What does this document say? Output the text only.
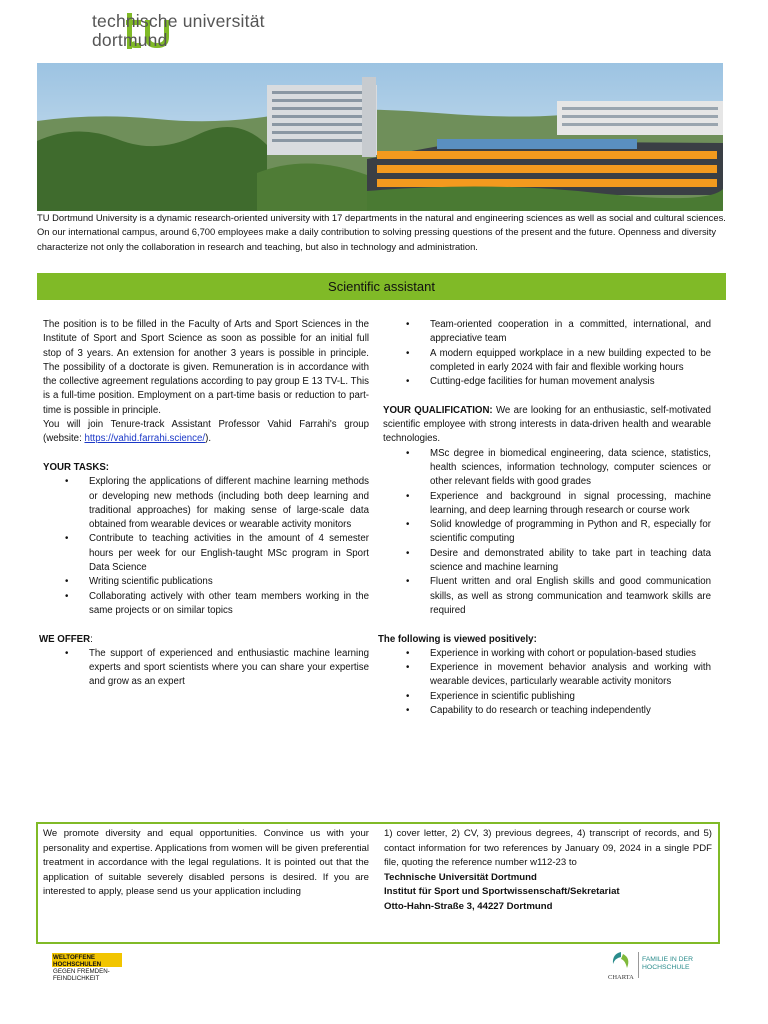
technische universität
dortmund
TU Dortmund University is a dynamic research-oriented university with 17 departments in the natural and engineering sciences as well as social and cultural sciences. On our international campus, around 6,700 employees make a daily contribution to solving pressing questions of the present and the future. Openness and diversity characterize not only the collaboration in research and teaching, but also in technology and administration.
Scientific assistant

The position is to be filled in the Faculty of Arts and Sport Sciences in the Institute of Sport and Sport Science as soon as possible for an initial full stop of 3 years. An extension for another 3 years is possible in principle. The possibility of a doctorate is given. Remuneration is in accordance with the collective agreement regulations according to pay group E 13 TV-L. This is a full-time position. Employment on a part-time basis or reduction to part-time is possible in principle.

You will join Tenure-track Assistant Professor Vahid Farrahi's group (website: https://vahid.farrahi.science/).

YOUR TASKS:

• Exploring the applications of different machine learning methods or developing new methods (including both deep learning and traditional approaches) for making sense of large-scale data obtained from wearable devices or wearable activity monitors
• Contribute to teaching activities in the amount of 4 semester hours per week for our English-taught MSc program in Sport Data Science
• Writing scientific publications
• Collaborating actively with other team members working in the same projects or on similar topics

WE OFFER:

• The support of experienced and enthusiastic machine learning experts and sport scientists where you can share your expertise and grow as an expert
• Team-oriented cooperation in a committed, international, and appreciative team
• A modern equipped workplace in a new building expected to be completed in early 2024 with fair and flexible working hours
• Cutting-edge facilities for human movement analysis

YOUR QUALIFICATION: We are looking for an enthusiastic, self-motivated scientific employee with strong interests in data-driven health and wearable technologies.

• MSc degree in biomedical engineering, data science, statistics, health sciences, information technology, computer sciences or other relevant fields with good grades
• Experience and background in signal processing, machine learning, and deep learning through research or course work
• Solid knowledge of programming in Python and R, especially for scientific computing
• Desire and demonstrated ability to take part in teaching data science and machine learning
• Fluent written and oral English skills and good communication skills, as well as strong communication and teamwork skills are required

The following is viewed positively:

• Experience in working with cohort or population-based studies
• Experience in movement behavior analysis and working with wearable devices, particularly wearable activity monitors
• Experience in scientific publishing
• Capability to do research or teaching independently

We promote diversity and equal opportunities. Convince us with your personality and expertise. Applications from women will be given preferential treatment in accordance with the legal regulations. It is pointed out that the application of suitable severely disabled persons is desired. If you are interested to apply, please send us your application including

1) cover letter, 2) CV, 3) previous degrees, 4) transcript of records, and 5) contact information for two references by January 09, 2024 in a single PDF file, quoting the reference number w112-23 to

Technische Universität Dortmund

Institut für Sport und Sportwissenschaft/Sekretariat

Otto-Hahn-Straße 3, 44227 Dortmund

WELTOFFENE
HOCHSCHULEN
GEGEN FREMDEN-
FEINDLICHKEIT	CHARTA
FAMILIE IN DER
HOCHSCHULE
